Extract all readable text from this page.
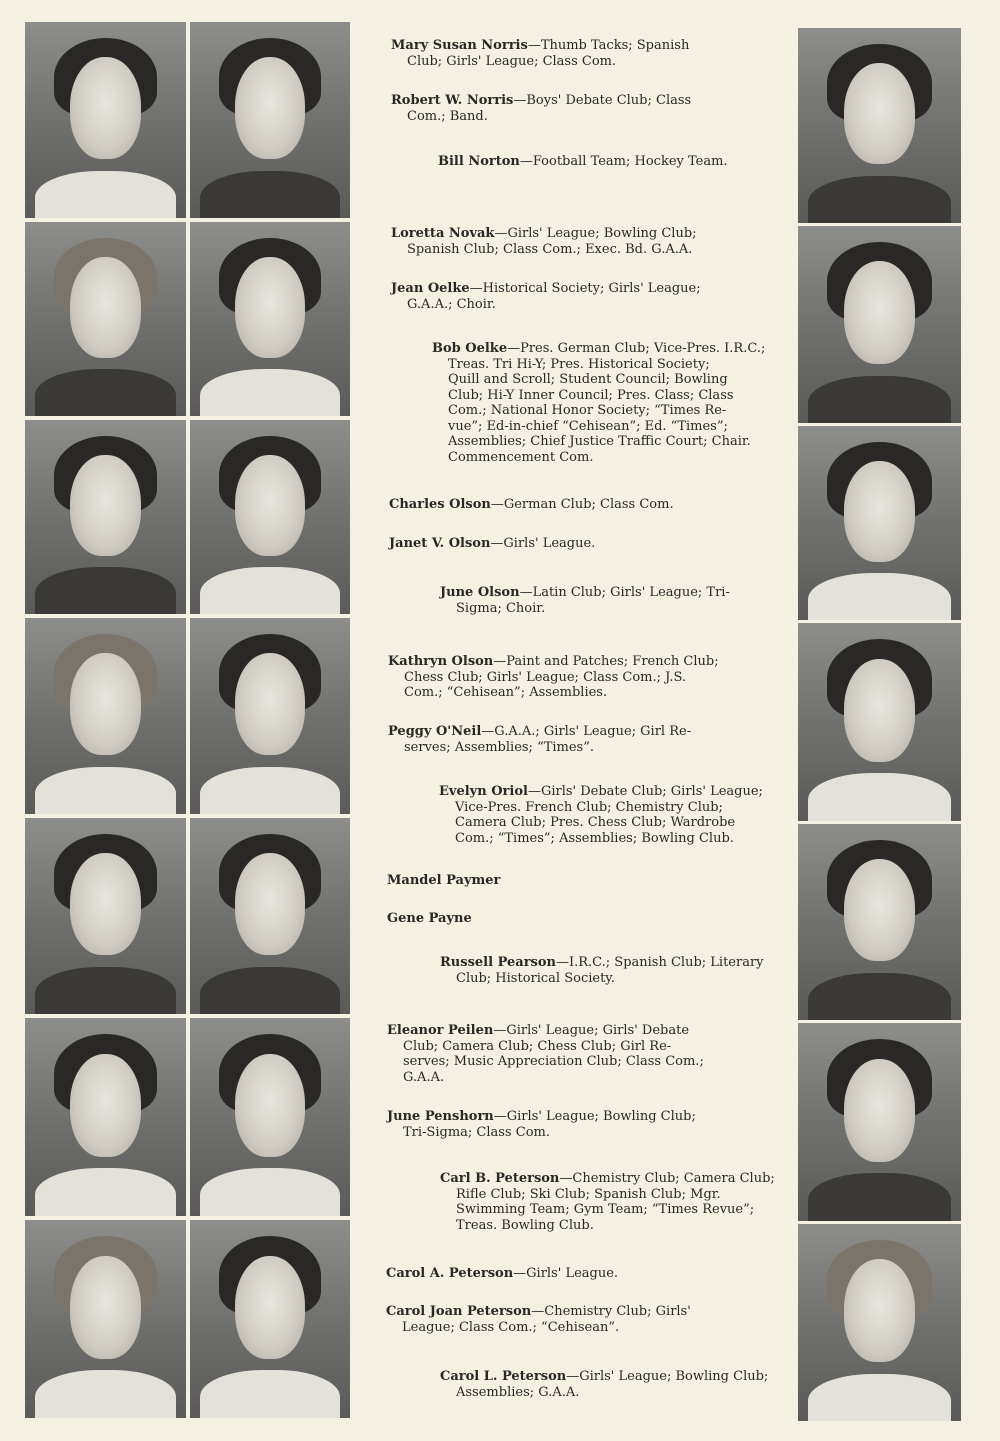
Mary Susan Norris—Thumb Tacks; Spanish
Club; Girls' League; Class Com.
Robert W. Norris—Boys' Debate Club; Class
Com.; Band.
Bill Norton—Football Team; Hockey Team.
Loretta Novak—Girls' League; Bowling Club;
Spanish Club; Class Com.; Exec. Bd. G.A.A.
Jean Oelke—Historical Society; Girls' League;
G.A.A.; Choir.
Bob Oelke—Pres. German Club; Vice-Pres. I.R.C.;
Treas. Tri Hi-Y; Pres. Historical Society;
Quill and Scroll; Student Council; Bowling
Club; Hi-Y Inner Council; Pres. Class; Class
Com.; National Honor Society; “Times Re-
vue”; Ed-in-chief “Cehisean”; Ed. “Times”;
Assemblies; Chief Justice Traffic Court; Chair.
Commencement Com.
Charles Olson—German Club; Class Com.
Janet V. Olson—Girls' League.
June Olson—Latin Club; Girls' League; Tri-
Sigma; Choir.
Kathryn Olson—Paint and Patches; French Club;
Chess Club; Girls' League; Class Com.; J.S.
Com.; “Cehisean”; Assemblies.
Peggy O'Neil—G.A.A.; Girls' League; Girl Re-
serves; Assemblies; “Times”.
Evelyn Oriol—Girls' Debate Club; Girls' League;
Vice-Pres. French Club; Chemistry Club;
Camera Club; Pres. Chess Club; Wardrobe
Com.; “Times”; Assemblies; Bowling Club.
Mandel Paymer
Gene Payne
Russell Pearson—I.R.C.; Spanish Club; Literary
Club; Historical Society.
Eleanor Peilen—Girls' League; Girls' Debate
Club; Camera Club; Chess Club; Girl Re-
serves; Music Appreciation Club; Class Com.;
G.A.A.
June Penshorn—Girls' League; Bowling Club;
Tri-Sigma; Class Com.
Carl B. Peterson—Chemistry Club; Camera Club;
Rifle Club; Ski Club; Spanish Club; Mgr.
Swimming Team; Gym Team; “Times Revue”;
Treas. Bowling Club.
Carol A. Peterson—Girls' League.
Carol Joan Peterson—Chemistry Club; Girls'
League; Class Com.; “Cehisean”.
Carol L. Peterson—Girls' League; Bowling Club;
Assemblies; G.A.A.
